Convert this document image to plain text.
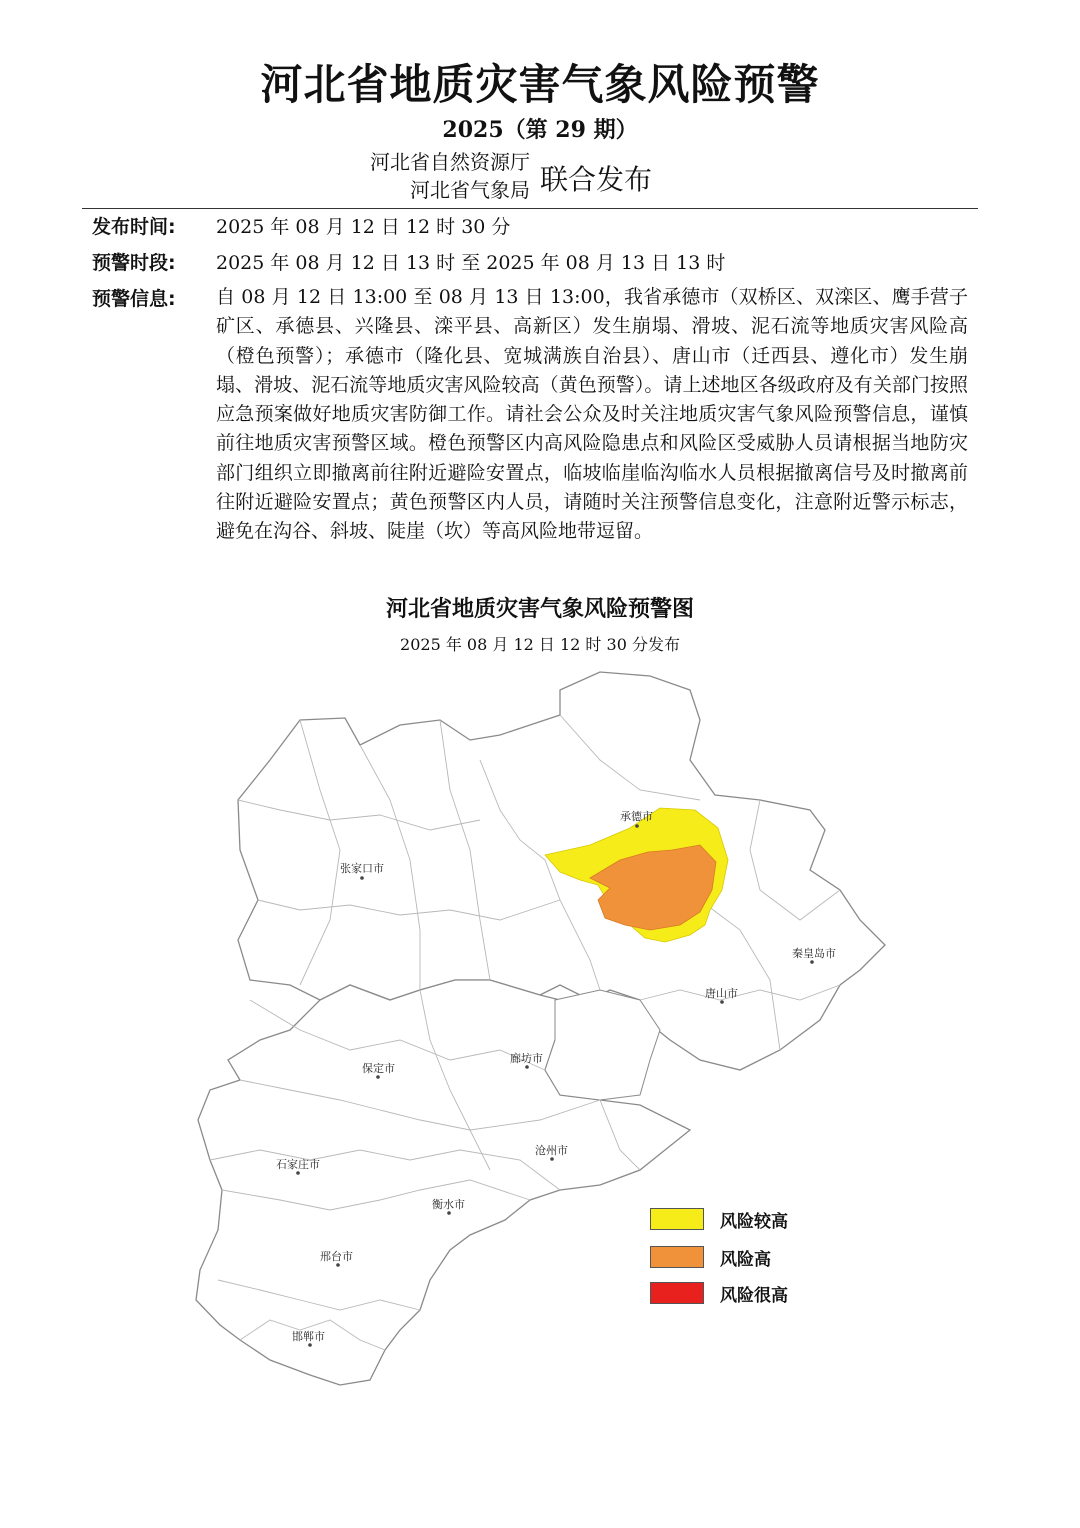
河北省地质灾害气象风险预警
2025（第 29 期）
河北省自然资源厅
河北省气象局 联合发布
发布时间: 2025 年 08 月 12 日 12 时 30 分
预警时段: 2025 年 08 月 12 日 13 时 至 2025 年 08 月 13 日 13 时
预警信息: 自 08 月 12 日 13:00 至 08 月 13 日 13:00，我省承德市（双桥区、双滦区、鹰手营子矿区、承德县、兴隆县、滦平县、高新区）发生崩塌、滑坡、泥石流等地质灾害风险高（橙色预警）；承德市（隆化县、宽城满族自治县）、唐山市（迁西县、遵化市）发生崩塌、滑坡、泥石流等地质灾害风险较高（黄色预警）。请上述地区各级政府及有关部门按照应急预案做好地质灾害防御工作。请社会公众及时关注地质灾害气象风险预警信息，谨慎前往地质灾害预警区域。橙色预警区内高风险隐患点和风险区受威胁人员请根据当地防灾部门组织立即撤离前往附近避险安置点，临坡临崖临沟临水人员根据撤离信号及时撤离前往附近避险安置点；黄色预警区内人员，请随时关注预警信息变化，注意附近警示标志，避免在沟谷、斜坡、陡崖（坎）等高风险地带逗留。
河北省地质灾害气象风险预警图
2025 年 08 月 12 日 12 时 30 分发布
承德市
张家口市
秦皇岛市
唐山市
廊坊市
保定市
沧州市
石家庄市
衡水市
邢台市
邯郸市
风险较高
风险高
风险很高
